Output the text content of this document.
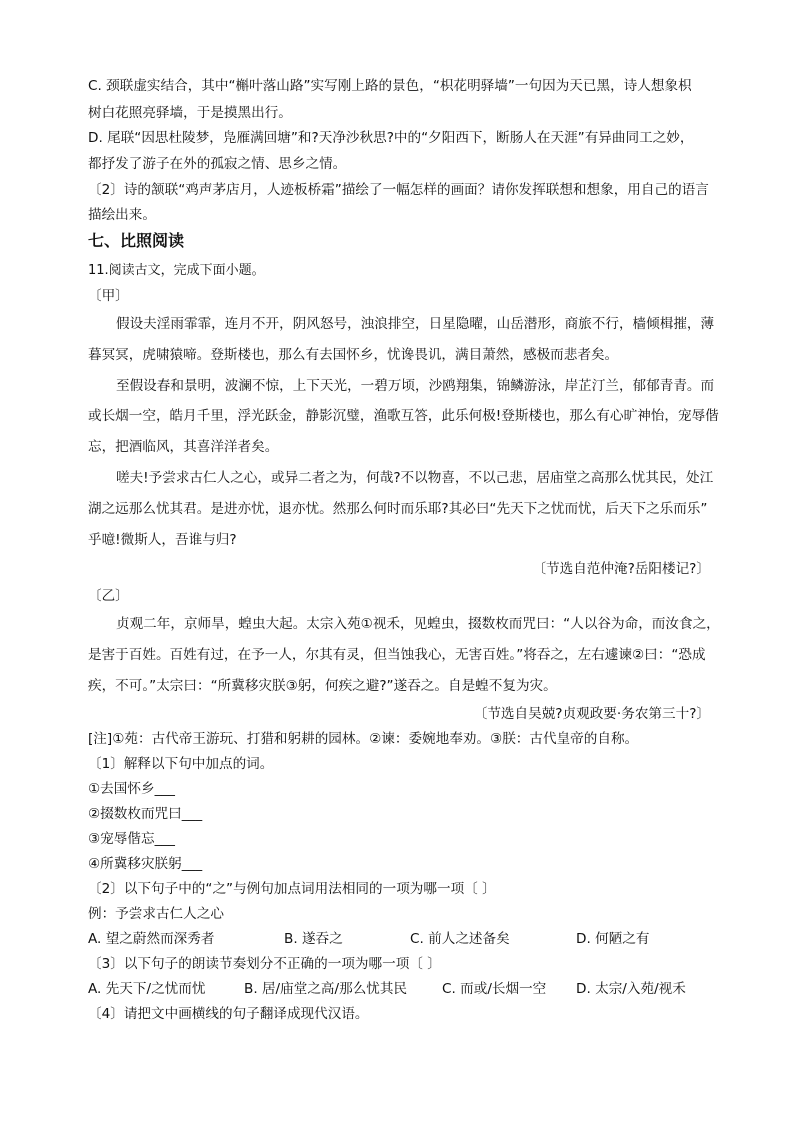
C. 颈联虚实结合，其中“槲叶落山路”实写刚上路的景色，“枳花明驿墙”一句因为天已黑，诗人想象枳
树白花照亮驿墙，于是摸黑出行。
D. 尾联“因思杜陵梦，凫雁满回塘”和?天净沙秋思?中的“夕阳西下，断肠人在天涯”有异曲同工之妙，
都抒发了游子在外的孤寂之情、思乡之情。
〔2〕诗的颔联“鸡声茅店月，人迹板桥霜”描绘了一幅怎样的画面？请你发挥联想和想象，用自己的语言
描绘出来。
七、比照阅读
11.阅读古文，完成下面小题。
〔甲〕
假设夫淫雨霏霏，连月不开，阴风怒号，浊浪排空，日星隐曜，山岳潜形，商旅不行，樯倾楫摧，薄
暮冥冥，虎啸猿啼。登斯楼也，那么有去国怀乡，忧谗畏讥，满目萧然，感极而悲者矣。
至假设春和景明，波澜不惊，上下天光，一碧万顷，沙鸥翔集，锦鳞游泳，岸芷汀兰，郁郁青青。而
或长烟一空，皓月千里，浮光跃金，静影沉璧，渔歌互答，此乐何极!登斯楼也，那么有心旷神怡，宠辱偕
忘，把酒临风，其喜洋洋者矣。
嗟夫!予尝求古仁人之心，或异二者之为，何哉?不以物喜，不以己悲，居庙堂之高那么忧其民，处江
湖之远那么忧其君。是进亦忧，退亦忧。然那么何时而乐耶?其必曰“先天下之忧而忧，后天下之乐而乐”
乎噫!微斯人，吾谁与归?
〔节选自范仲淹?岳阳楼记?〕
〔乙〕
贞观二年，京师旱，蝗虫大起。太宗入苑①视禾，见蝗虫，掇数枚而咒曰：“人以谷为命，而汝食之，
是害于百姓。百姓有过，在予一人，尔其有灵，但当蚀我心，无害百姓。”将吞之，左右遽谏②曰：“恐成
疾，不可。”太宗曰：“所冀移灾朕③躬，何疾之避?”遂吞之。自是蝗不复为灾。
〔节选自吴兢?贞观政要·务农第三十?〕
[注]①苑：古代帝王游玩、打猎和躬耕的园林。②谏：委婉地奉劝。③朕：古代皇帝的自称。
〔1〕解释以下句中加点的词。
①去国怀乡___
②掇数枚而咒曰___
③宠辱偕忘___
④所冀移灾朕躬___
〔2〕以下句子中的“之”与例句加点词用法相同的一项为哪一项〔 〕
例：予尝求古仁人之心
A. 望之蔚然而深秀者	B. 遂吞之	C. 前人之述备矣	D. 何陋之有
〔3〕以下句子的朗读节奏划分不正确的一项为哪一项〔 〕
A. 先天下/之忧而忧	B. 居/庙堂之高/那么忧其民	C. 而或/长烟一空 D. 太宗/入苑/视禾
〔4〕请把文中画横线的句子翻译成现代汉语。
